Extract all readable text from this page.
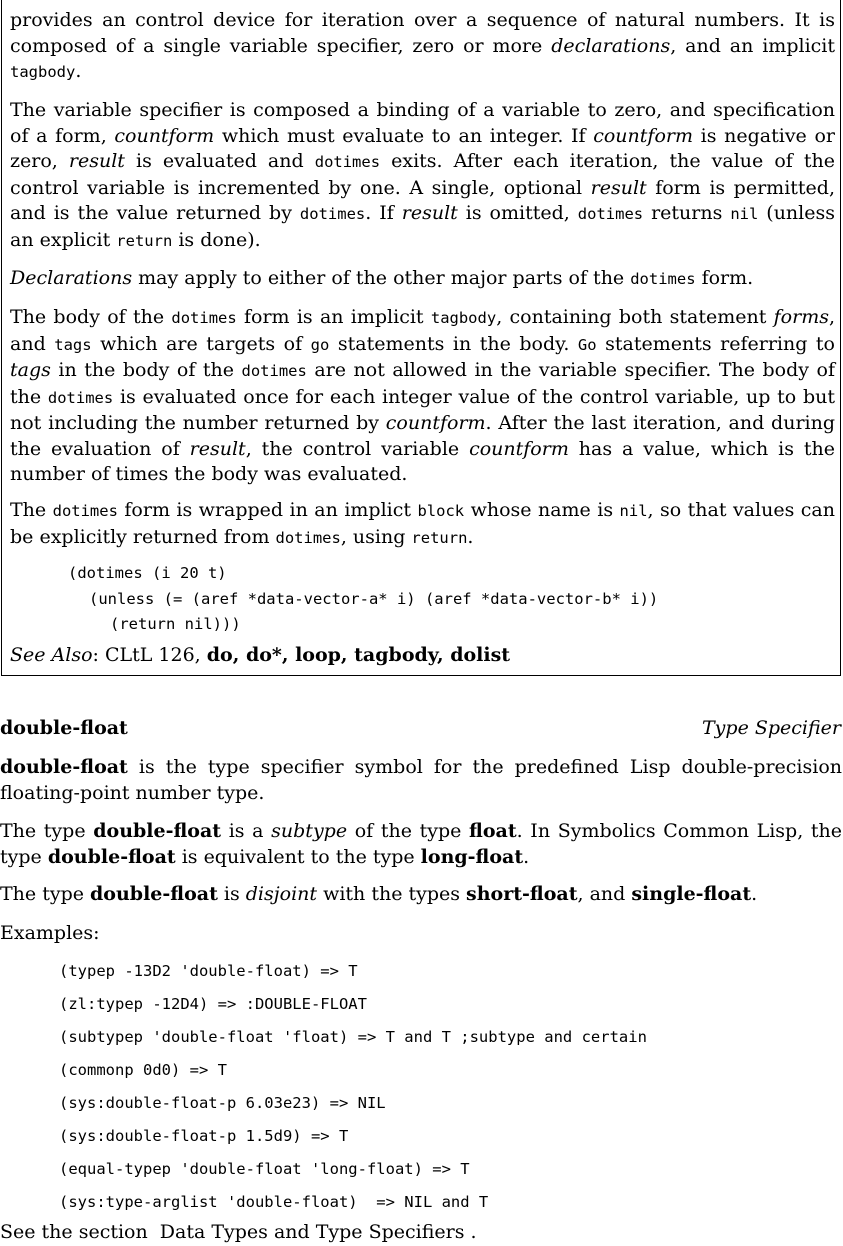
provides an control device for iteration over a sequence of natural numbers. It is composed of a single variable specifier, zero or more declarations, and an implicit tagbody.

The variable specifier is composed a binding of a variable to zero, and specification of a form, countform which must evaluate to an integer. If countform is negative or zero, result is evaluated and dotimes exits. After each iteration, the value of the control variable is incremented by one. A single, optional result form is permitted, and is the value returned by dotimes. If result is omitted, dotimes returns nil (unless an explicit return is done).

Declarations may apply to either of the other major parts of the dotimes form.

The body of the dotimes form is an implicit tagbody, containing both statement forms, and tags which are targets of go statements in the body. Go statements referring to tags in the body of the dotimes are not allowed in the variable specifier. The body of the dotimes is evaluated once for each integer value of the control variable, up to but not including the number returned by countform. After the last iteration, and during the evaluation of result, the control variable countform has a value, which is the number of times the body was evaluated.

The dotimes form is wrapped in an implict block whose name is nil, so that values can be explicitly returned from dotimes, using return.

(dotimes (i 20 t)
(unless (= (aref *data-vector-a* i) (aref *data-vector-b* i))
(return nil)))

See Also: CLtL 126, do, do*, loop, tagbody, dolist

double-float	Type Specifier

double-float is the type specifier symbol for the predefined Lisp double-precision floating-point number type.

The type double-float is a subtype of the type float. In Symbolics Common Lisp, the type double-float is equivalent to the type long-float.

The type double-float is disjoint with the types short-float, and single-float.

Examples:
(typep -13D2 'double-float) => T
(zl:typep -12D4) => :DOUBLE-FLOAT
(subtypep 'double-float 'float) => T and T ;subtype and certain
(commonp 0d0) => T
(sys:double-float-p 6.03e23) => NIL
(sys:double-float-p 1.5d9) => T
(equal-typep 'double-float 'long-float) => T
(sys:type-arglist 'double-float)  => NIL and T
See the section  Data Types and Type Specifiers .
